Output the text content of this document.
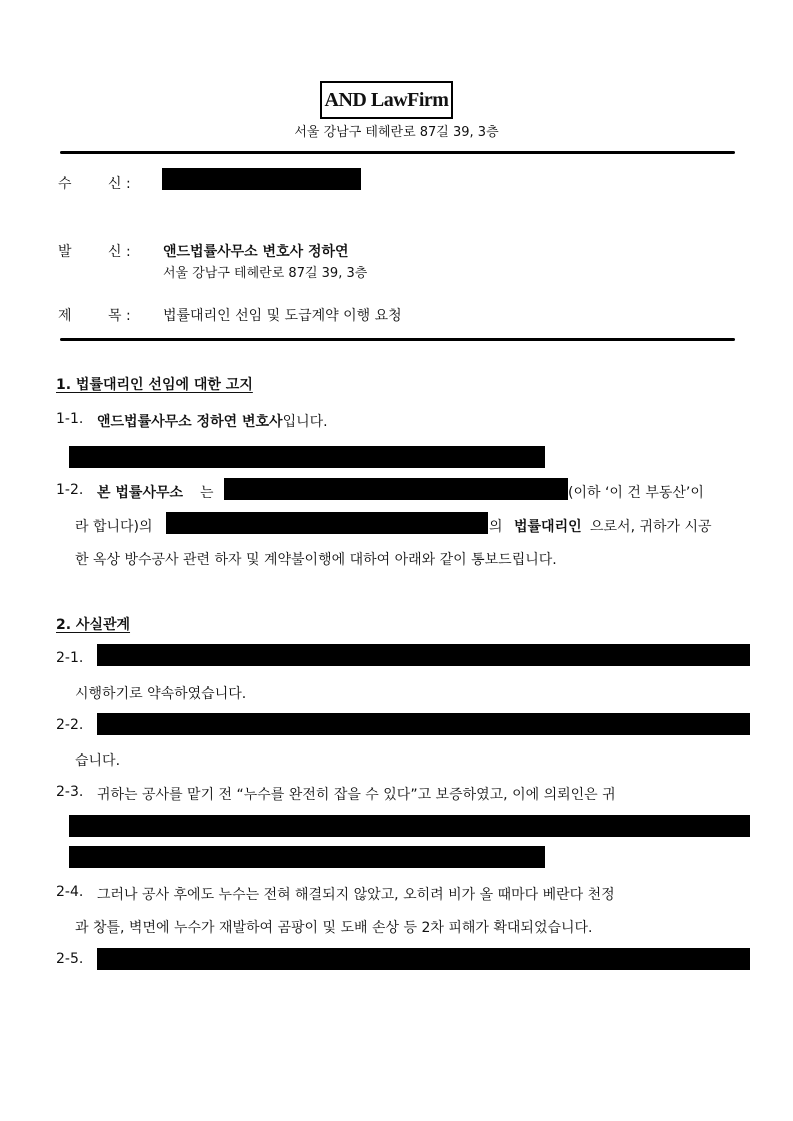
AND LawFirm
서울 강남구 테헤란로 87길 39, 3층
수	신 :
발	신 : 앤드법률사무소 변호사 정하연
서울 강남구 테헤란로 87길 39, 3층
제	목 : 법률대리인 선임 및 도급계약 이행 요청
1. 법률대리인 선임에 대한 고지
1-1. 앤드법률사무소 정하연 변호사입니다.
1-2. 본 법률사무소 는	(이하 ‘이 건 부동산’이
라 합니다)의	의 법률대리인 으로서, 귀하가 시공
한 옥상 방수공사 관련 하자 및 계약불이행에 대하여 아래와 같이 통보드립니다.
2. 사실관계
2-1.
시행하기로 약속하였습니다.
2-2.
습니다.
2-3. 귀하는 공사를 맡기 전 “누수를 완전히 잡을 수 있다”고 보증하였고, 이에 의뢰인은 귀
2-4. 그러나 공사 후에도 누수는 전혀 해결되지 않았고, 오히려 비가 올 때마다 베란다 천정
과 창틀, 벽면에 누수가 재발하여 곰팡이 및 도배 손상 등 2차 피해가 확대되었습니다.
2-5.
